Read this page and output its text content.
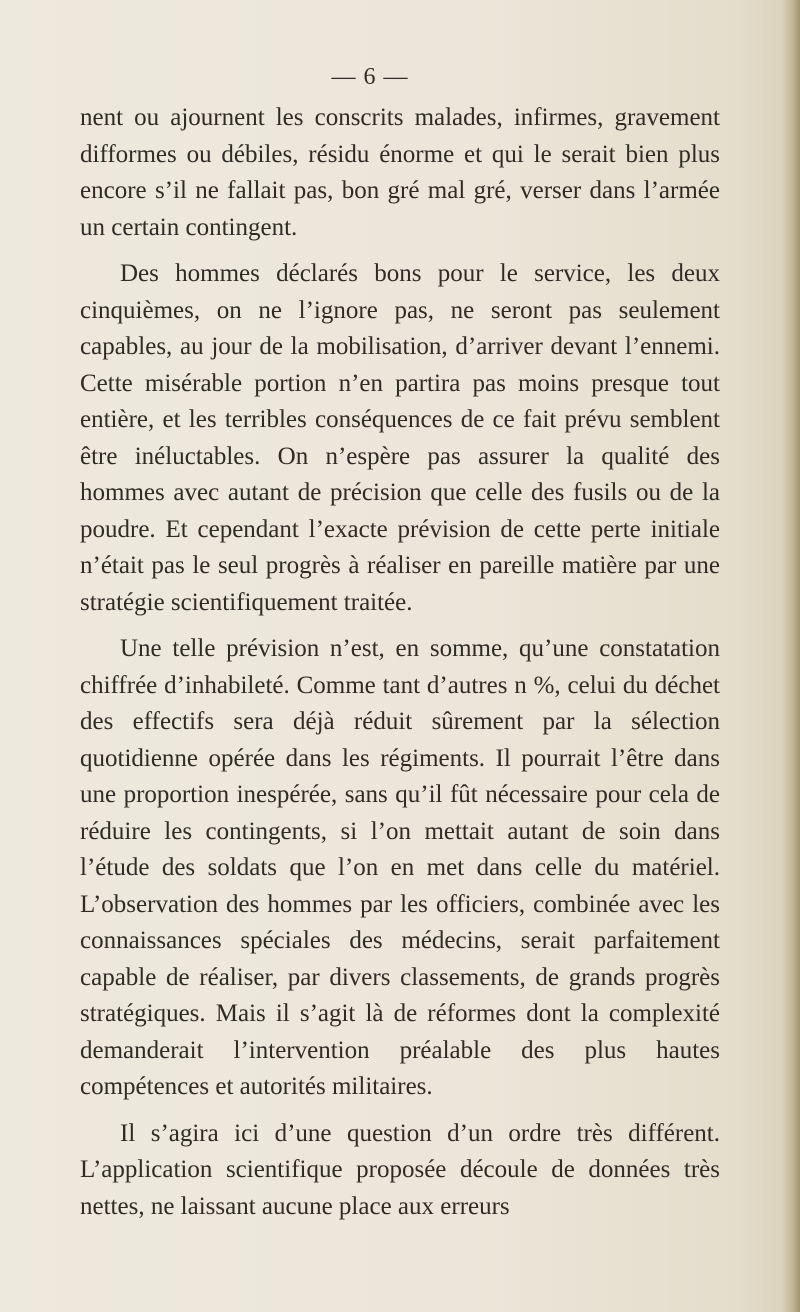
— 6 —

nent ou ajournent les conscrits malades, infirmes, gravement difformes ou débiles, résidu énorme et qui le serait bien plus encore s’il ne fallait pas, bon gré mal gré, verser dans l’armée un certain contingent.

Des hommes déclarés bons pour le service, les deux cinquièmes, on ne l’ignore pas, ne seront pas seulement capables, au jour de la mobilisation, d’arriver devant l’ennemi. Cette misérable portion n’en partira pas moins presque tout entière, et les terribles conséquences de ce fait prévu semblent être inéluctables. On n’espère pas assurer la qualité des hommes avec autant de précision que celle des fusils ou de la poudre. Et cependant l’exacte prévision de cette perte initiale n’était pas le seul progrès à réaliser en pareille matière par une stratégie scientifiquement traitée.

Une telle prévision n’est, en somme, qu’une constatation chiffrée d’inhabileté. Comme tant d’autres n %, celui du déchet des effectifs sera déjà réduit sûrement par la sélection quotidienne opérée dans les régiments. Il pourrait l’être dans une proportion inespérée, sans qu’il fût nécessaire pour cela de réduire les contingents, si l’on mettait autant de soin dans l’étude des soldats que l’on en met dans celle du matériel. L’observation des hommes par les officiers, combinée avec les connaissances spéciales des médecins, serait parfaitement capable de réaliser, par divers classements, de grands progrès stratégiques. Mais il s’agit là de réformes dont la complexité demanderait l’intervention préalable des plus hautes compétences et autorités militaires.

Il s’agira ici d’une question d’un ordre très différent. L’application scientifique proposée découle de données très nettes, ne laissant aucune place aux erreurs
